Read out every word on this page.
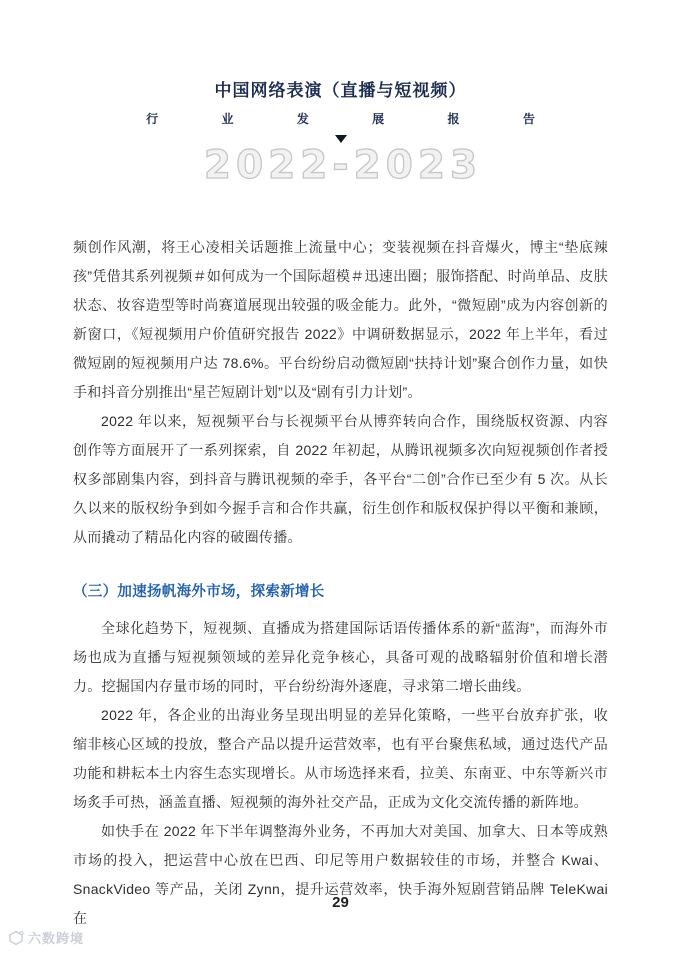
中国网络表演（直播与短视频）
行 业 发 展 报 告
2022-2023

频创作风潮，将王心凌相关话题推上流量中心；变装视频在抖音爆火，博主“垫底辣孩”凭借其系列视频＃如何成为一个国际超模＃迅速出圈；服饰搭配、时尚单品、皮肤状态、妆容造型等时尚赛道展现出较强的吸金能力。此外，“微短剧”成为内容创新的新窗口，《短视频用户价值研究报告 2022》中调研数据显示，2022 年上半年，看过微短剧的短视频用户达 78.6%。平台纷纷启动微短剧“扶持计划”聚合创作力量，如快手和抖音分别推出“星芒短剧计划”以及“剧有引力计划”。

2022 年以来，短视频平台与长视频平台从博弈转向合作，围绕版权资源、内容创作等方面展开了一系列探索，自 2022 年初起，从腾讯视频多次向短视频创作者授权多部剧集内容，到抖音与腾讯视频的牵手，各平台“二创”合作已至少有 5 次。从长久以来的版权纷争到如今握手言和合作共赢，衍生创作和版权保护得以平衡和兼顾，从而撬动了精品化内容的破圈传播。

（三）加速扬帆海外市场，探索新增长

全球化趋势下，短视频、直播成为搭建国际话语传播体系的新“蓝海”，而海外市场也成为直播与短视频领域的差异化竞争核心，具备可观的战略辐射价值和增长潜力。挖掘国内存量市场的同时，平台纷纷海外逐鹿，寻求第二增长曲线。

2022 年，各企业的出海业务呈现出明显的差异化策略，一些平台放弃扩张，收缩非核心区域的投放，整合产品以提升运营效率，也有平台聚焦私域，通过迭代产品功能和耕耘本土内容生态实现增长。从市场选择来看，拉美、东南亚、中东等新兴市场炙手可热，涵盖直播、短视频的海外社交产品，正成为文化交流传播的新阵地。

如快手在 2022 年下半年调整海外业务，不再加大对美国、加拿大、日本等成熟市场的投入，把运营中心放在巴西、印尼等用户数据较佳的市场，并整合 Kwai、SnackVideo 等产品，关闭 Zynn，提升运营效率，快手海外短剧营销品牌 TeleKwai 在

29
六数跨境
